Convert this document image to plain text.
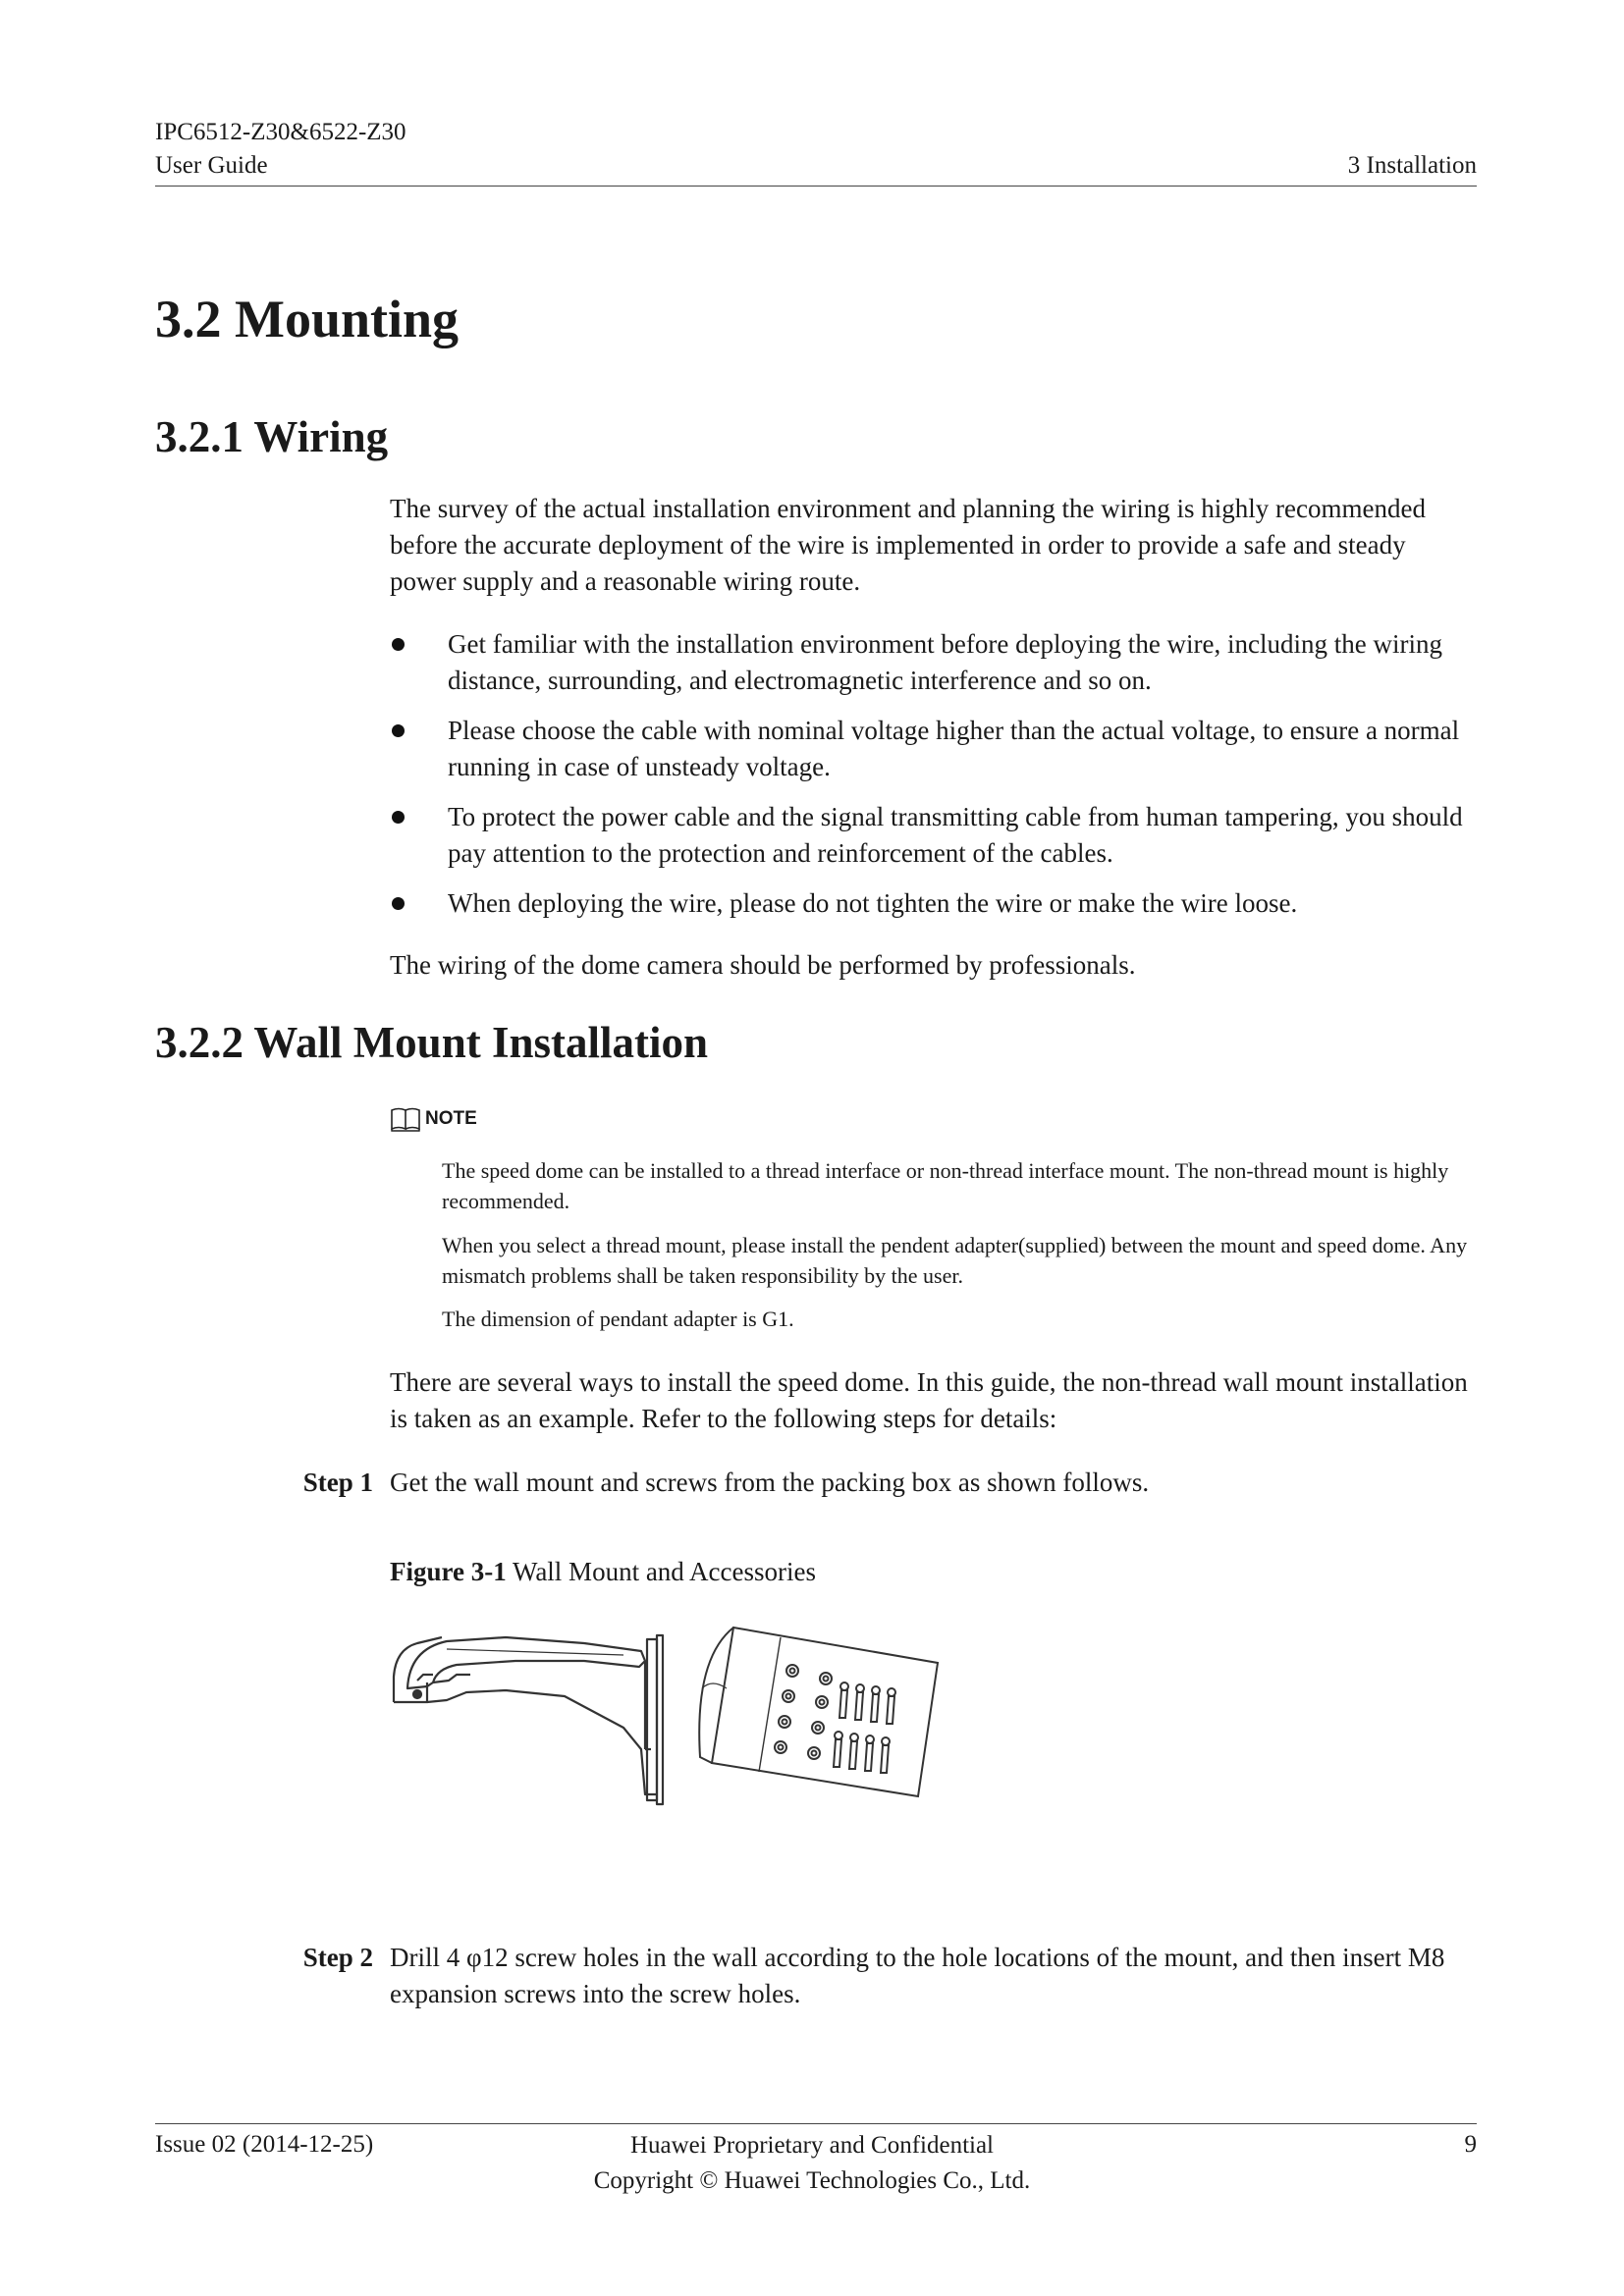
IPC6512-Z30&6522-Z30
User Guide	3 Installation
3.2 Mounting
3.2.1 Wiring

The survey of the actual installation environment and planning the wiring is highly recommended before the accurate deployment of the wire is implemented in order to provide a safe and steady power supply and a reasonable wiring route.

Get familiar with the installation environment before deploying the wire, including the wiring distance, surrounding, and electromagnetic interference and so on.
Please choose the cable with nominal voltage higher than the actual voltage, to ensure a normal running in case of unsteady voltage.
To protect the power cable and the signal transmitting cable from human tampering, you should pay attention to the protection and reinforcement of the cables.
When deploying the wire, please do not tighten the wire or make the wire loose.

The wiring of the dome camera should be performed by professionals.

3.2.2 Wall Mount Installation
NOTE

The speed dome can be installed to a thread interface or non-thread interface mount. The non-thread mount is highly recommended.

When you select a thread mount, please install the pendent adapter(supplied) between the mount and speed dome. Any mismatch problems shall be taken responsibility by the user.

The dimension of pendant adapter is G1.

There are several ways to install the speed dome. In this guide, the non-thread wall mount installation is taken as an example. Refer to the following steps for details:

Step 1 Get the wall mount and screws from the packing box as shown follows.

Figure 3-1 Wall Mount and Accessories
Step 2 Drill 4 φ12 screw holes in the wall according to the hole locations of the mount, and then insert M8 expansion screws into the screw holes.

Issue 02 (2014-12-25)	Huawei Proprietary and Confidential
Copyright © Huawei Technologies Co., Ltd.
9
